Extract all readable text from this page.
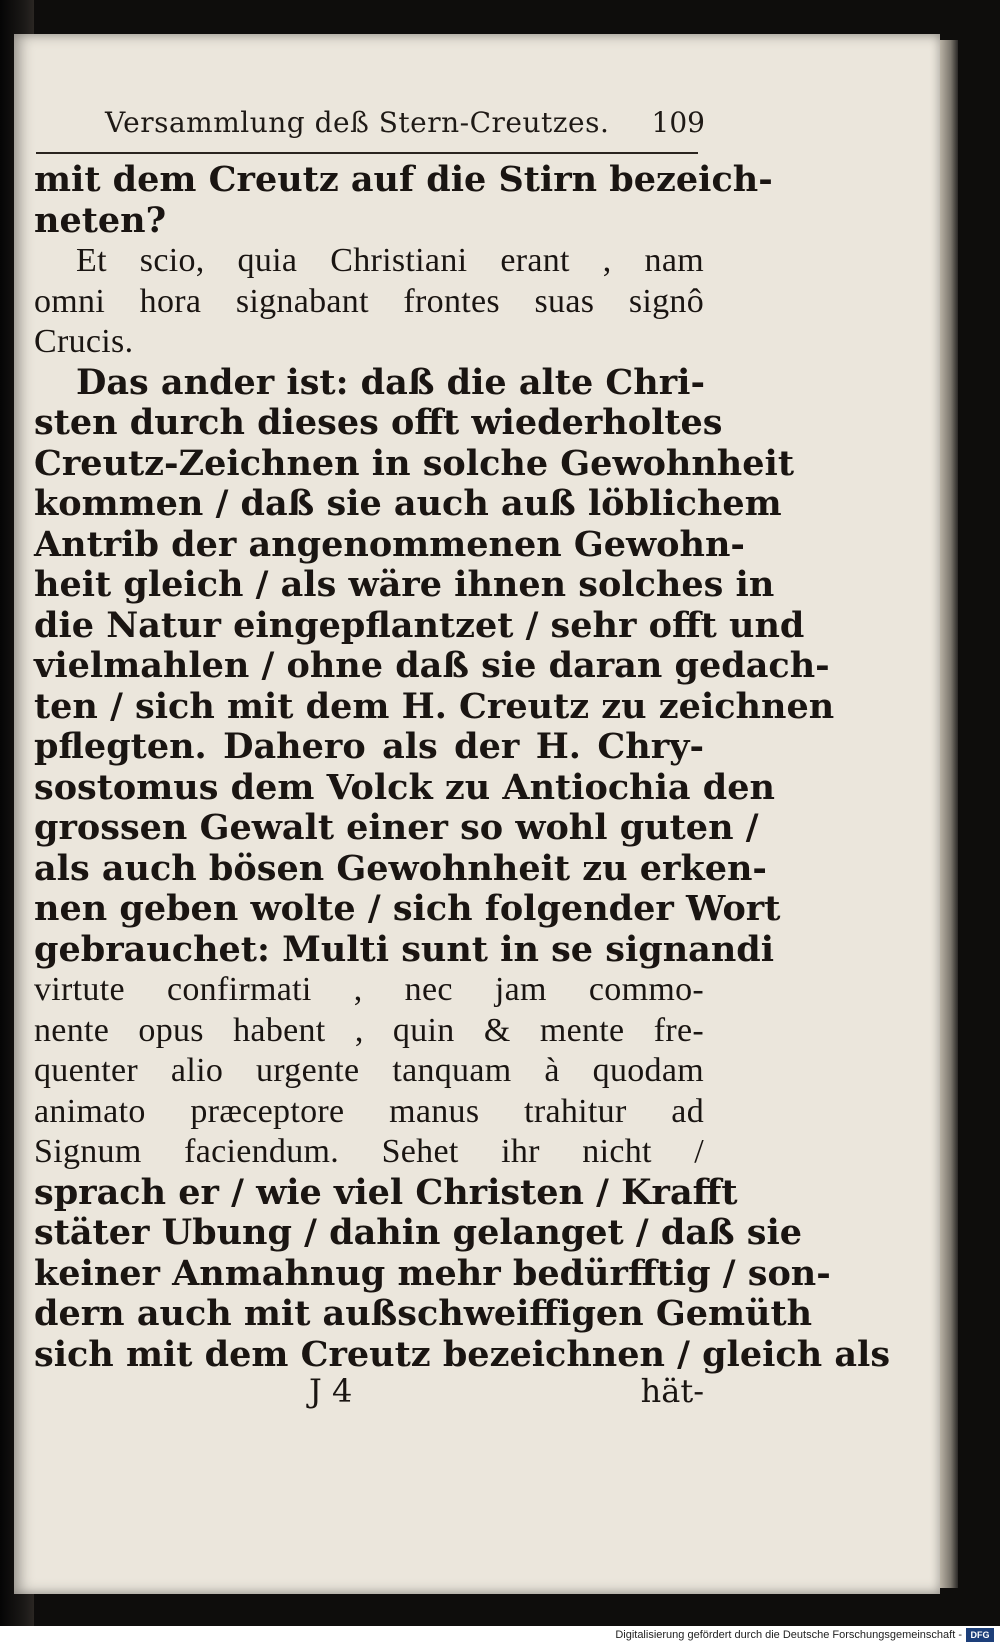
Versammlung deß Stern-Creutzes. 109
mit dem Creutz auf die Stirn bezeich-
neten?
Et scio, quia Christiani erant , nam
omni hora signabant frontes suas signô
Crucis.
Das ander ist: daß die alte Chri-
sten durch dieses offt wiederholtes
Creutz-Zeichnen in solche Gewohnheit
kommen / daß sie auch auß löblichem
Antrib der angenommenen Gewohn-
heit gleich / als wäre ihnen solches in
die Natur eingepflantzet / sehr offt und
vielmahlen / ohne daß sie daran gedach-
ten / sich mit dem H. Creutz zu zeichnen
pflegten. Dahero als der H. Chry-
sostomus dem Volck zu Antiochia den
grossen Gewalt einer so wohl guten /
als auch bösen Gewohnheit zu erken-
nen geben wolte / sich folgender Wort
gebrauchet: Multi sunt in se signandi
virtute confirmati , nec jam commo-
nente opus habent , quin & mente fre-
quenter alio urgente tanquam à quodam
animato præceptore manus trahitur ad
Signum faciendum. Sehet ihr nicht /
sprach er / wie viel Christen / Krafft
stäter Ubung / dahin gelanget / daß sie
keiner Anmahnug mehr bedürfftig / son-
dern auch mit außschweiffigen Gemüth
sich mit dem Creutz bezeichnen / gleich als
J 4	hät-
Digitalisierung gefördert durch die Deutsche Forschungsgemeinschaft - DFG
